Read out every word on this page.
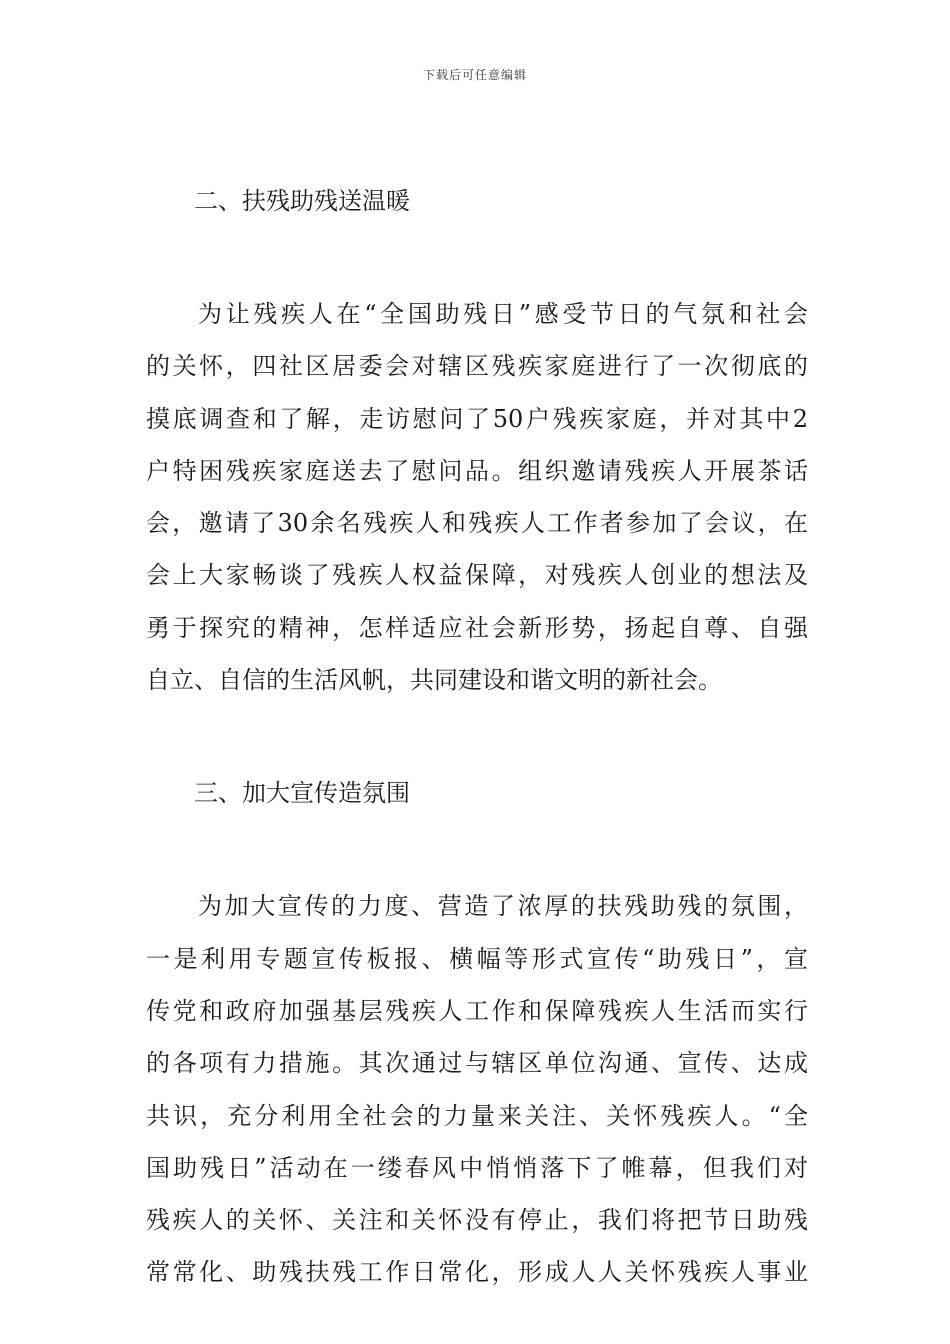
下载后可任意编辑
二、扶残助残送温暖
为让残疾人在“全国助残日”感受节日的气氛和社会
的关怀，四社区居委会对辖区残疾家庭进行了一次彻底的
摸底调查和了解，走访慰问了50户残疾家庭，并对其中2
户特困残疾家庭送去了慰问品。组织邀请残疾人开展茶话
会，邀请了30余名残疾人和残疾人工作者参加了会议，在
会上大家畅谈了残疾人权益保障，对残疾人创业的想法及
勇于探究的精神，怎样适应社会新形势，扬起自尊、自强
自立、自信的生活风帆，共同建设和谐文明的新社会。
三、加大宣传造氛围
为加大宣传的力度、营造了浓厚的扶残助残的氛围，
一是利用专题宣传板报、横幅等形式宣传“助残日”，宣
传党和政府加强基层残疾人工作和保障残疾人生活而实行
的各项有力措施。其次通过与辖区单位沟通、宣传、达成
共识，充分利用全社会的力量来关注、关怀残疾人。“全
国助残日”活动在一缕春风中悄悄落下了帷幕，但我们对
残疾人的关怀、关注和关怀没有停止，我们将把节日助残
常常化、助残扶残工作日常化，形成人人关怀残疾人事业
